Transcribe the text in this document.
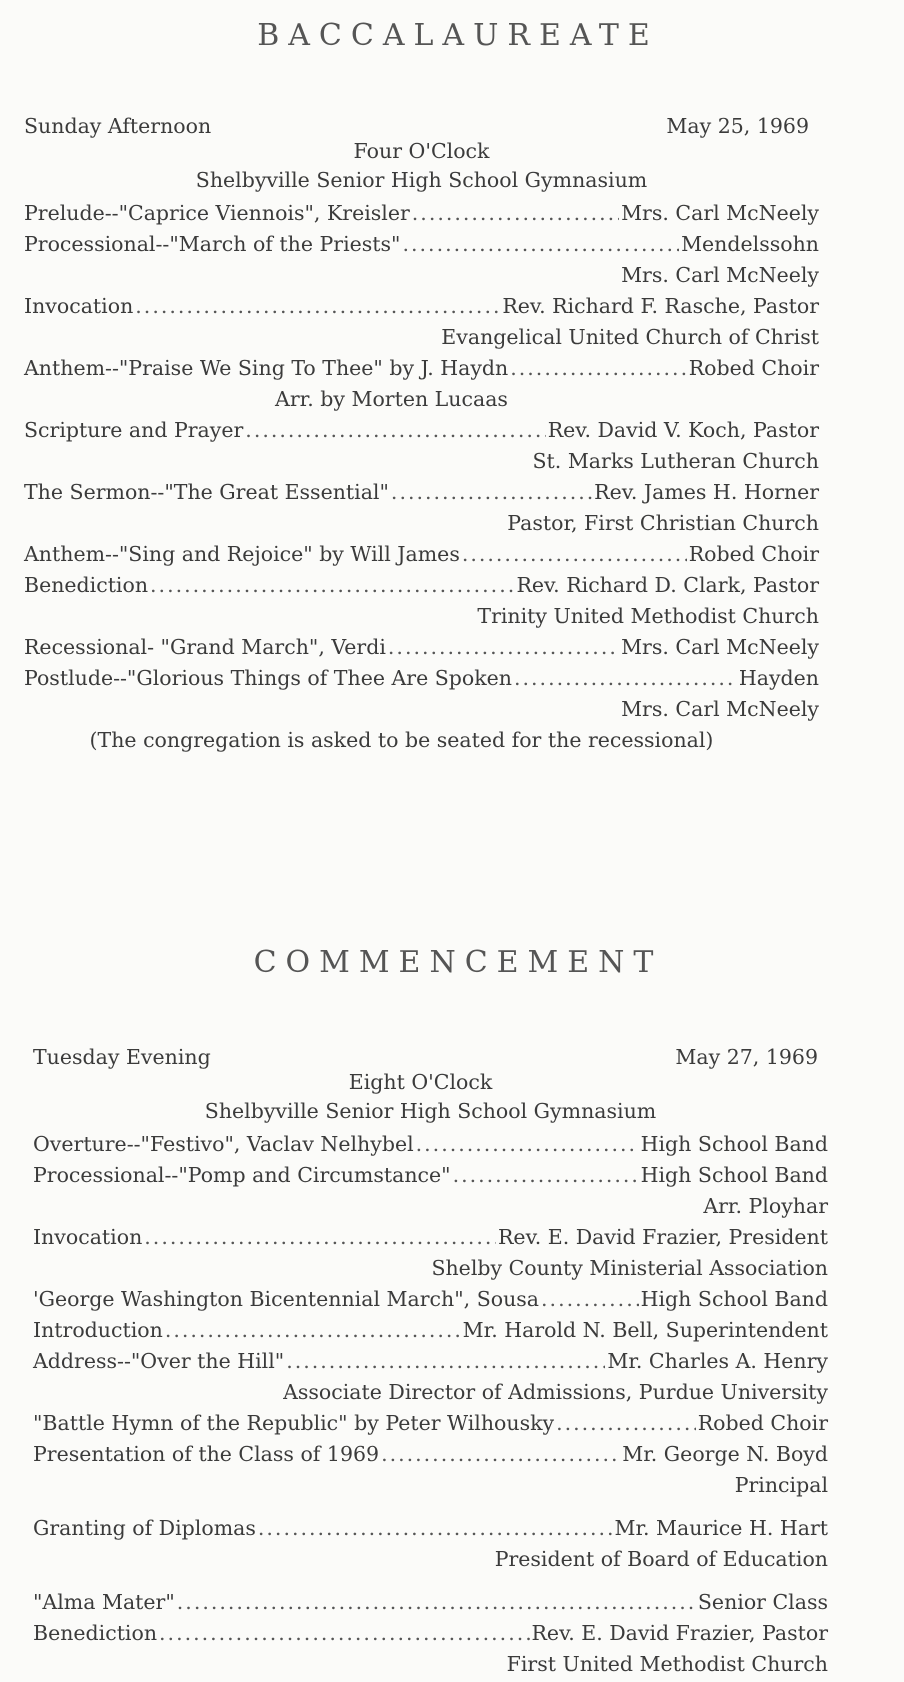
BACCALAUREATE
Sunday Afternoon	May 25, 1969
Four O'Clock
Shelbyville Senior High School Gymnasium
Prelude--"Caprice Viennois", Kreisler .....	Mrs. Carl McNeely
Processional--"March of the Priests" .....	Mendelssohn
Mrs. Carl McNeely
Invocation .....	Rev. Richard F. Rasche, Pastor
Evangelical United Church of Christ
Anthem--"Praise We Sing To Thee" by J. Haydn .....	Robed Choir
Arr. by Morten Lucaas
Scripture and Prayer .....	Rev. David V. Koch, Pastor
St. Marks Lutheran Church
The Sermon--"The Great Essential" .....	Rev. James H. Horner
Pastor, First Christian Church
Anthem--"Sing and Rejoice" by Will James .....	Robed Choir
Benediction .....	Rev. Richard D. Clark, Pastor
Trinity United Methodist Church
Recessional- "Grand March", Verdi .....	Mrs. Carl McNeely
Postlude--"Glorious Things of Thee Are Spoken .....	Hayden
Mrs. Carl McNeely
(The congregation is asked to be seated for the recessional)
COMMENCEMENT
Tuesday Evening	May 27, 1969
Eight O'Clock
Shelbyville Senior High School Gymnasium
Overture--"Festivo", Vaclav Nelhybel .....	High School Band
Processional--"Pomp and Circumstance" .....	High School Band
Arr. Ployhar
Invocation .....	Rev. E. David Frazier, President
Shelby County Ministerial Association
'George Washington Bicentennial March", Sousa .....	High School Band
Introduction .....	Mr. Harold N. Bell, Superintendent
Address--"Over the Hill" .....	Mr. Charles A. Henry
Associate Director of Admissions, Purdue University
"Battle Hymn of the Republic" by Peter Wilhousky .....	Robed Choir
Presentation of the Class of 1969 .....	Mr. George N. Boyd
Principal
Granting of Diplomas .....	Mr. Maurice H. Hart
President of Board of Education
"Alma Mater" .....	Senior Class
Benediction .....	Rev. E. David Frazier, Pastor
First United Methodist Church
